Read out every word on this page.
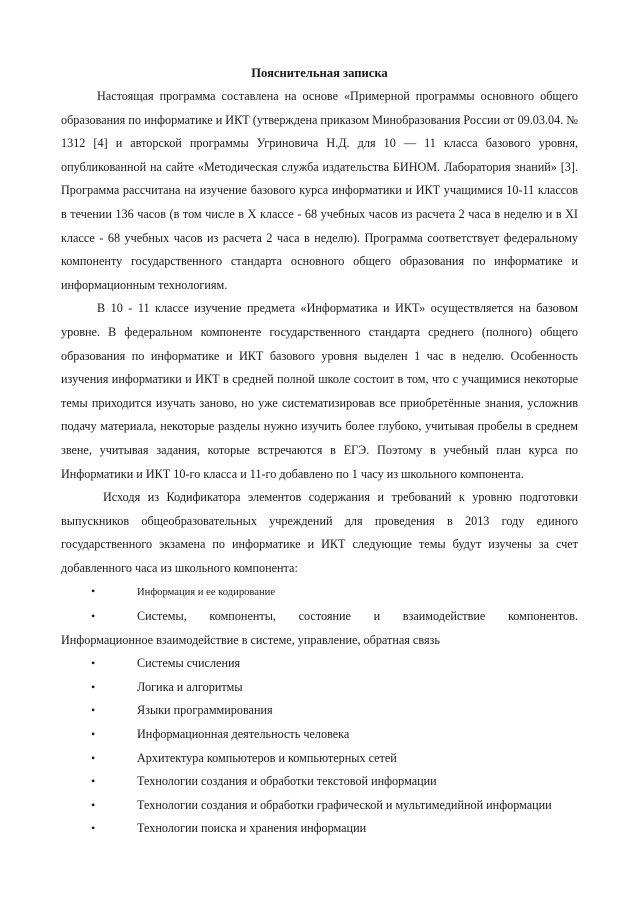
Пояснительная записка

Настоящая программа составлена на основе «Примерной программы основного общего образования по информатике и ИКТ (утверждена приказом Минобразования России от 09.03.04. № 1312 [4] и авторской программы Угриновича Н.Д. для 10 — 11 класса базового уровня, опубликованной на сайте «Методическая служба издательства БИНОМ. Лаборатория знаний» [3]. Программа рассчитана на изучение базового курса информатики и ИКТ учащимися 10-11 классов в течении 136 часов (в том числе в X классе - 68 учебных часов из расчета 2 часа в неделю и в XI классе - 68 учебных часов из расчета 2 часа в неделю). Программа соответствует федеральному компоненту государственного стандарта основного общего образования по информатике и информационным технологиям.

В 10 - 11 классе изучение предмета «Информатика и ИКТ» осуществляется на базовом уровне. В федеральном компоненте государственного стандарта среднего (полного) общего образования по информатике и ИКТ базового уровня выделен 1 час в неделю. Особенность изучения информатики и ИКТ в средней полной школе состоит в том, что с учащимися некоторые темы приходится изучать заново, но уже систематизировав все приобретённые знания, усложнив подачу материала, некоторые разделы нужно изучить более глубоко, учитывая пробелы в среднем звене, учитывая задания, которые встречаются в ЕГЭ. Поэтому в учебный план курса по Информатики и ИКТ 10-го класса и 11-го добавлено по 1 часу из школьного компонента.

Исходя из Кодификатора элементов содержания и требований к уровню подготовки выпускников общеобразовательных учреждений для проведения в 2013 году единого государственного экзамена по информатике и ИКТ следующие темы будут изучены за счет добавленного часа из школьного компонента:

•	Информация и ее кодирование
•	Системы, компоненты, состояние и взаимодействие компонентов.
Информационное взаимодействие в системе, управление, обратная связь
•	Системы счисления
•	Логика и алгоритмы
•	Языки программирования
•	Информационная деятельность человека
•	Архитектура компьютеров и компьютерных сетей
•	Технологии создания и обработки текстовой информации
•	Технологии создания и обработки графической и мультимедийной информации
•	Технологии поиска и хранения информации
